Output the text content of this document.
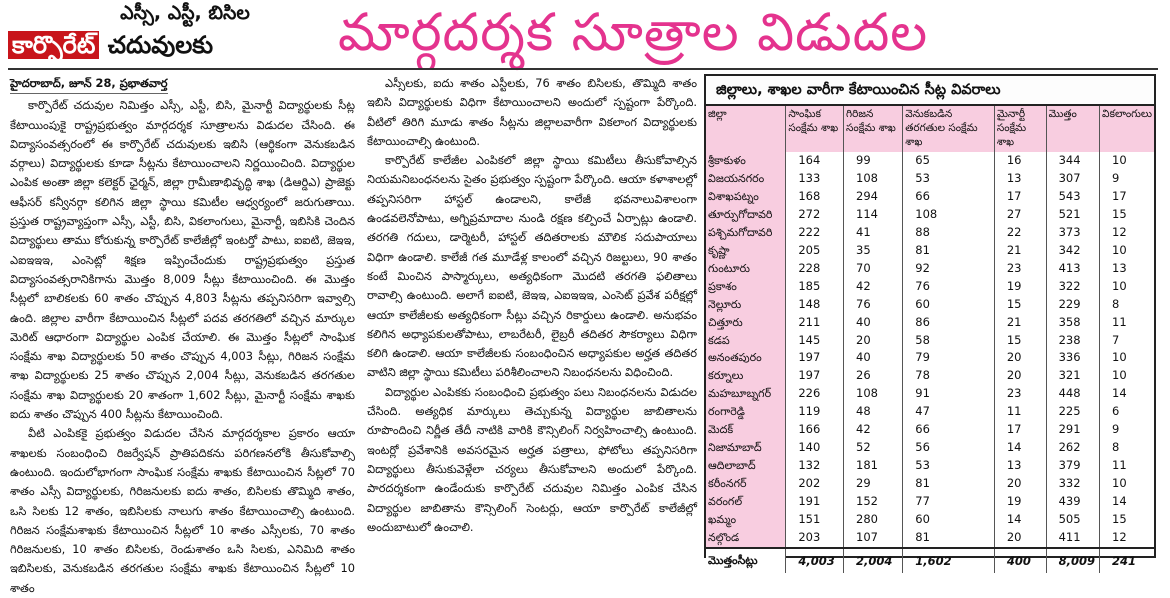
ఎస్సీ, ఎస్టీ, బిసిల
కార్పొరేట్ చదువులకు	మార్గదర్శక సూత్రాల విడుదల
హైదరాబాద్, జూన్ 28, ప్రభాతవార్త

కార్పొరేట్ చదువుల నిమిత్తం ఎస్సీ, ఎస్టీ, బిసి, మైనార్టీ విద్యార్థులకు సీట్ల కేటాయింపుకై రాష్ట్రప్రభుత్వం మార్గదర్శక సూత్రాలను విడుదల చేసింది. ఈ విద్యాసంవత్సరంలో ఈ కార్పొరేట్ చదువులకు ఇబిసి (ఆర్థికంగా వెనుకబడిన వర్గాలు) విద్యార్థులకు కూడా సీట్లను కేటాయించాలని నిర్ణయించింది. విద్యార్థుల ఎంపిక అంతా జిల్లా కలెక్టర్ ఛైర్మన్, జిల్లా గ్రామీణాభివృద్ధి శాఖ (డిఆర్డిఎ) ప్రాజెక్టు ఆఫీసర్ కన్వీనర్గా కలిగిన జిల్లా స్థాయి కమిటీల ఆధ్వర్యంలో జరుగుతాయి. ప్రస్తుత రాష్ట్రవ్యాప్తంగా ఎస్సీ, ఎస్టీ, బిసి, వికలాంగులు, మైనార్టీ, ఇబిసికి చెందిన విద్యార్థులు తాము కోరుకున్న కార్పొరేట్ కాలేజీల్లో ఇంటర్తో పాటు, ఐఐటి, జెఇఇ, ఎఐఇఇఇ, ఎంసెట్లో శిక్షణ ఇప్పించేందుకు రాష్ట్రప్రభుత్వం ప్రస్తుత విద్యాసంవత్సరానికిగాను మొత్తం 8,009 సీట్లు కేటాయించింది. ఈ మొత్తం సీట్లలో బాలికలకు 60 శాతం చొప్పున 4,803 సీట్లను తప్పనిసరిగా ఇవ్వాల్సి ఉంది. జిల్లాల వారీగా కేటాయించిన సీట్లలో పదవ తరగతిలో వచ్చిన మార్కుల మెరిట్ ఆధారంగా విద్యార్థుల ఎంపిక చేయాలి. ఈ మొత్తం సీట్లలో సాంఘిక సంక్షేమ శాఖ విద్యార్థులకు 50 శాతం చొప్పున 4,003 సీట్లు, గిరిజన సంక్షేమ శాఖ విద్యార్థులకు 25 శాతం చొప్పున 2,004 సీట్లు, వెనుకబడిన తరగతుల సంక్షేమ శాఖ విద్యార్థులకు 20 శాతంగా 1,602 సీట్లు, మైనార్టీ సంక్షేమ శాఖకు ఐదు శాతం చొప్పున 400 సీట్లను కేటాయించింది.

వీటి ఎంపికకై ప్రభుత్వం విడుదల చేసిన మార్గదర్శకాల ప్రకారం ఆయా శాఖలకు సంబంధించి రిజర్వేషన్ ప్రాతిపదికను పరిగణనలోకి తీసుకోవాల్సి ఉంటుంది. ఇందులోభాగంగా సాంఘిక సంక్షేమ శాఖకు కేటాయించిన సీట్లలో 70 శాతం ఎస్సీ విద్యార్థులకు, గిరిజనులకు ఐదు శాతం, బిసిలకు తొమ్మిది శాతం, ఒసి సిలకు 12 శాతం, ఇబిసిలకు నాలుగు శాతం కేటాయించాల్సి ఉంటుంది. గిరిజన సంక్షేమశాఖకు కేటాయించిన సీట్లలో 10 శాతం ఎస్సీలకు, 70 శాతం గిరిజనులకు, 10 శాతం బిసిలకు, రెండుశాతం ఒసి సిలకు, ఎనిమిది శాతం ఇబిసిలకు, వెనుకబడిన తరగతుల సంక్షేమ శాఖకు కేటాయించిన సీట్లలో 10 శాతం

ఎస్సీలకు, ఐదు శాతం ఎస్టీలకు, 76 శాతం బిసిలకు, తొమ్మిది శాతం ఇబిసి విద్యార్థులకు విధిగా కేటాయించాలని అందులో స్పష్టంగా పేర్కొంది. వీటిలో తిరిగి మూడు శాతం సీట్లను జిల్లాలవారీగా వికలాంగ విద్యార్థులకు కేటాయించాల్సి ఉంటుంది.

కార్పొరేట్ కాలేజీల ఎంపికలో జిల్లా స్థాయి కమిటీలు తీసుకోవాల్సిన నియమనిబంధనలను సైతం ప్రభుత్వం స్పష్టంగా పేర్కొంది. ఆయా కళాశాలల్లో తప్పనిసరిగా హాస్టల్ ఉండాలని, కాలేజీ భవనాలువిశాలంగా ఉండవలెనోపాటు, అగ్నిప్రమాదాల నుండి రక్షణ కల్పించే ఏర్పాట్లు ఉండాలి. తరగతి గదులు, డార్మెటరీ, హాస్టల్ తదితరాలకు మౌలిక సదుపాయాలు విధిగా ఉండాలి. కాలేజీ గత మూడేళ్ల కాలంలో వచ్చిన రిజల్టులు, 90 శాతం కంటే మించిన పాస్మార్కులు, అత్యధికంగా మొదటి తరగతి ఫలితాలు రావాల్సి ఉంటుంది. అలాగే ఐఐటి, జెఇఇ, ఎఐఇఇఇ, ఎంసెట్ ప్రవేశ పరీక్షల్లో ఆయా కాలేజీలకు అత్యధికంగా సీట్లు వచ్చిన రికార్డులు ఉండాలి. అనుభవం కలిగిన అధ్యాపకులతోపాటు, లాబరేటరీ, లైబ్రరీ తదితర సౌకర్యాలు విధిగా కలిగి ఉండాలి. ఆయా కాలేజీలకు సంబంధించిన అధ్యాపకుల అర్హత తదితర వాటిని జిల్లా స్థాయి కమిటీలు పరిశీలించాలని నిబంధనలను విధించింది.

విద్యార్థుల ఎంపికకు సంబంధించి ప్రభుత్వం పలు నిబంధనలను విడుదల చేసింది. అత్యధిక మార్కులు తెచ్చుకున్న విద్యార్థుల జాబితాలను రూపొందించి నిర్ణీత తేదీ నాటికి వారికి కౌన్సిలింగ్ నిర్వహించాల్సి ఉంటుంది. ఇంటర్లో ప్రవేశానికి అవసరమైన అర్హత పత్రాలు, ఫోటోలు తప్పనిసరిగా విద్యార్థులు తీసుకువెళ్లేలా చర్యలు తీసుకోవాలని అందులో పేర్కొంది. పారదర్శకంగా ఉండేందుకు కార్పొరేట్ చదువుల నిమిత్తం ఎంపిక చేసిన విద్యార్థుల జాబితాను కౌన్సిలింగ్ సెంటర్లు, ఆయా కార్పొరేట్ కాలేజీల్లో అందుబాటులో ఉంచాలి.

జిల్లాలు, శాఖల వారీగా కేటాయించిన సీట్ల వివరాలు
జిల్లా	సాంఘిక సంక్షేమ శాఖ	గిరిజన సంక్షేమ శాఖ	వెనుకబడిన తరగతుల సంక్షేమ శాఖ	మైనార్టీ సంక్షేమ శాఖ	మొత్తం	వికలాంగులు
శ్రీకాకుళం	164	99	65	16	344	10
విజయనగరం	133	108	53	13	307	9
విశాఖపట్నం	168	294	66	17	543	17
తూర్పుగోదావరి	272	114	108	27	521	15
పశ్చిమగోదావరి	222	41	88	22	373	12
కృష్ణా	205	35	81	21	342	10
గుంటూరు	228	70	92	23	413	13
ప్రకాశం	185	42	76	19	322	10
నెల్లూరు	148	76	60	15	229	8
చిత్తూరు	211	40	86	21	358	11
కడప	145	20	58	15	238	7
అనంతపురం	197	40	79	20	336	10
కర్నూలు	197	26	78	20	321	10
మహబూబ్నగర్	226	108	91	23	448	14
రంగారెడ్డి	119	48	47	11	225	6
మెదక్	166	42	66	17	291	9
నిజామాబాద్	140	52	56	14	262	8
ఆదిలాబాద్	132	181	53	13	379	11
కరీంనగర్	202	29	81	20	332	10
వరంగల్	191	152	77	19	439	14
ఖమ్మం	151	280	60	14	505	15
నల్గొండ	203	107	81	20	411	12
మొత్తంసీట్లు	4,003	2,004	1,602	400	8,009	241
